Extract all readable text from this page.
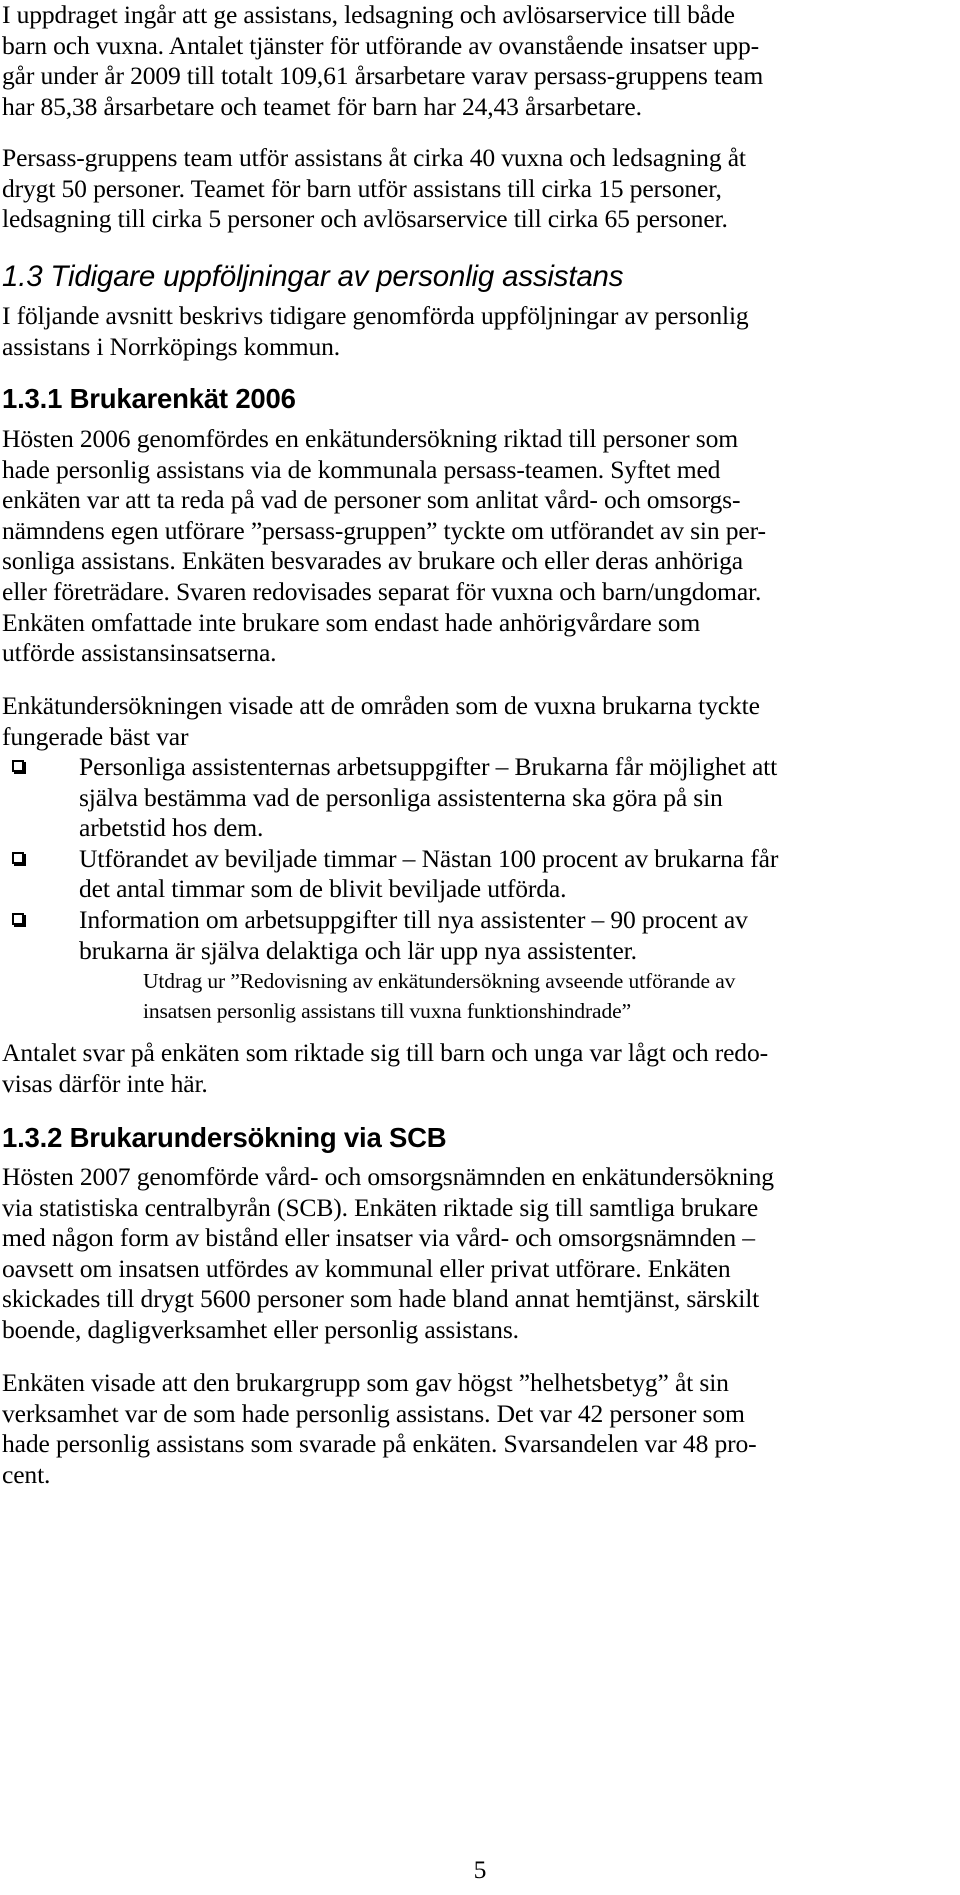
I uppdraget ingår att ge assistans, ledsagning och avlösarservice till både
barn och vuxna. Antalet tjänster för utförande av ovanstående insatser upp-
går under år 2009 till totalt 109,61 årsarbetare varav persass-gruppens team
har 85,38 årsarbetare och teamet för barn har 24,43 årsarbetare.

Persass-gruppens team utför assistans åt cirka 40 vuxna och ledsagning åt
drygt 50 personer. Teamet för barn utför assistans till cirka 15 personer,
ledsagning till cirka 5 personer och avlösarservice till cirka 65 personer.

1.3 Tidigare uppföljningar av personlig assistans

I följande avsnitt beskrivs tidigare genomförda uppföljningar av personlig
assistans i Norrköpings kommun.

1.3.1 Brukarenkät 2006

Hösten 2006 genomfördes en enkätundersökning riktad till personer som
hade personlig assistans via de kommunala persass-teamen. Syftet med
enkäten var att ta reda på vad de personer som anlitat vård- och omsorgs-
nämndens egen utförare ”persass-gruppen” tyckte om utförandet av sin per-
sonliga assistans. Enkäten besvarades av brukare och eller deras anhöriga
eller företrädare. Svaren redovisades separat för vuxna och barn/ungdomar.
Enkäten omfattade inte brukare som endast hade anhörigvårdare som
utförde assistansinsatserna.

Enkätundersökningen visade att de områden som de vuxna brukarna tyckte
fungerade bäst var

Personliga assistenternas arbetsuppgifter – Brukarna får möjlighet att
själva bestämma vad de personliga assistenterna ska göra på sin
arbetstid hos dem.
Utförandet av beviljade timmar – Nästan 100 procent av brukarna får
det antal timmar som de blivit beviljade utförda.
Information om arbetsuppgifter till nya assistenter – 90 procent av
brukarna är själva delaktiga och lär upp nya assistenter.

Utdrag ur ”Redovisning av enkätundersökning avseende utförande av
insatsen personlig assistans till vuxna funktionshindrade”

Antalet svar på enkäten som riktade sig till barn och unga var lågt och redo-
visas därför inte här.

1.3.2 Brukarundersökning via SCB

Hösten 2007 genomförde vård- och omsorgsnämnden en enkätundersökning
via statistiska centralbyrån (SCB). Enkäten riktade sig till samtliga brukare
med någon form av bistånd eller insatser via vård- och omsorgsnämnden –
oavsett om insatsen utfördes av kommunal eller privat utförare. Enkäten
skickades till drygt 5600 personer som hade bland annat hemtjänst, särskilt
boende, dagligverksamhet eller personlig assistans.

Enkäten visade att den brukargrupp som gav högst ”helhetsbetyg” åt sin
verksamhet var de som hade personlig assistans. Det var 42 personer som
hade personlig assistans som svarade på enkäten. Svarsandelen var 48 pro-
cent.

5
